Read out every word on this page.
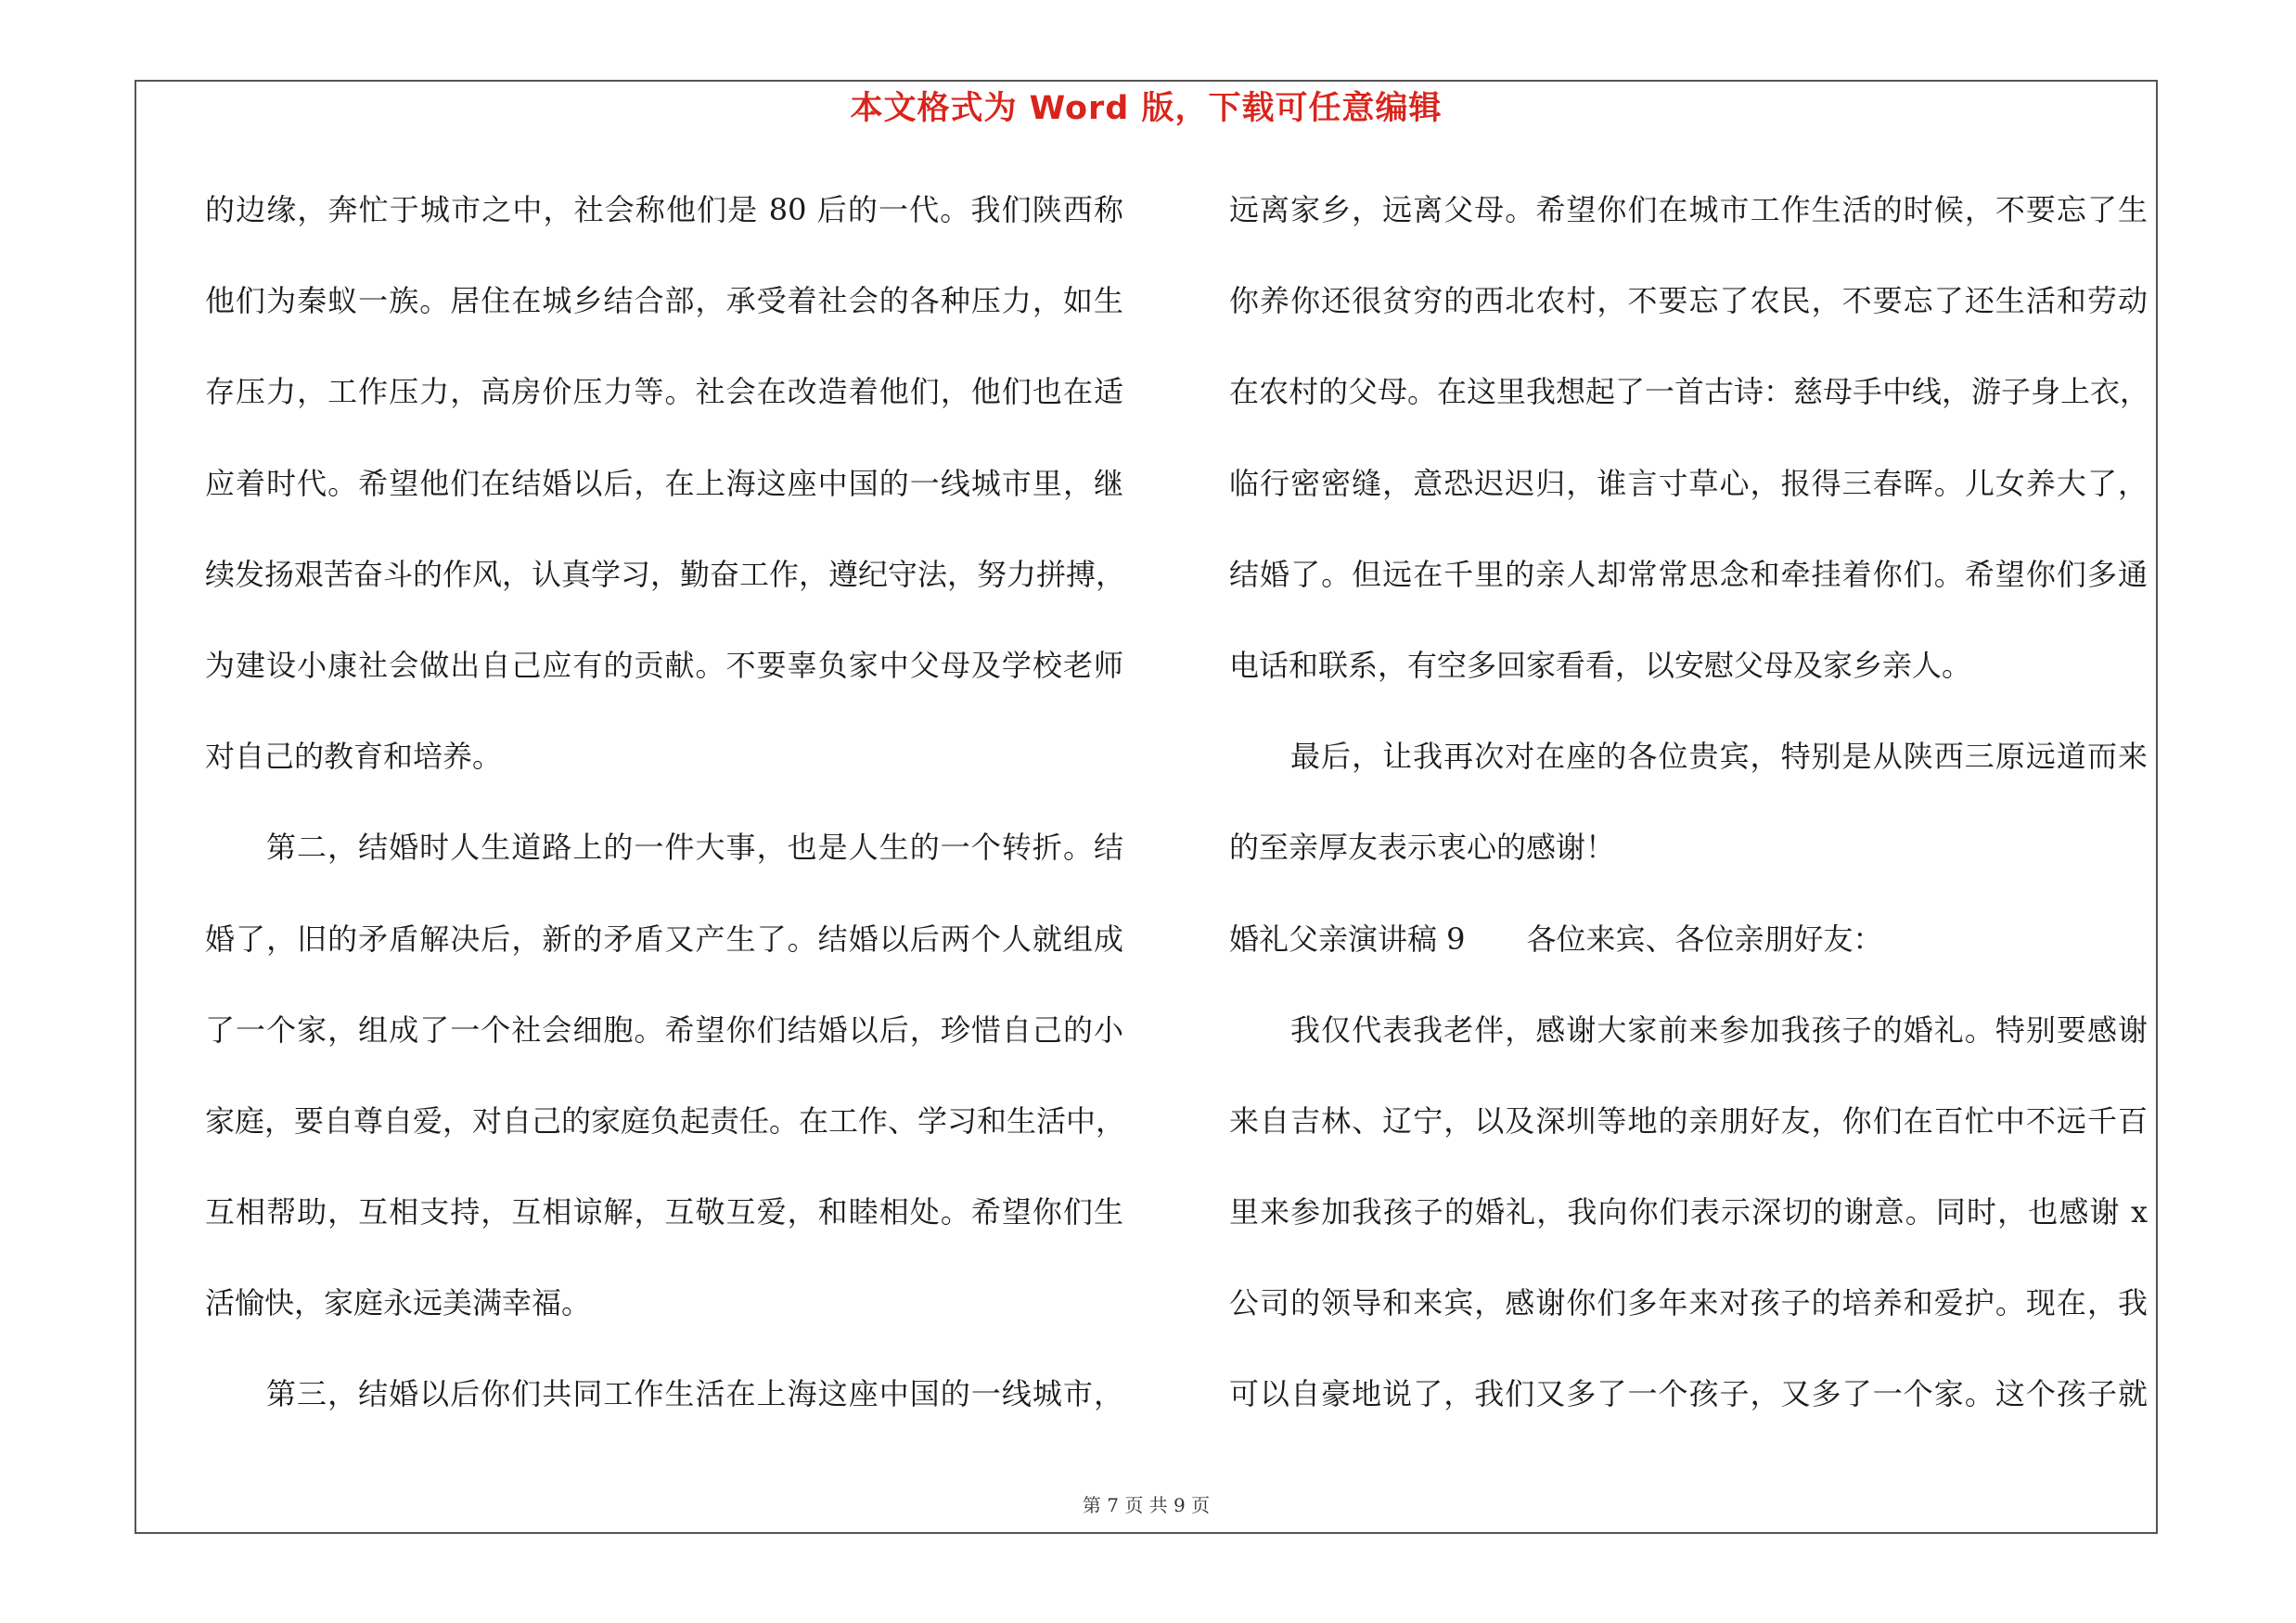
本文格式为 Word 版，下载可任意编辑
的边缘，奔忙于城市之中，社会称他们是 80 后的一代。我们陕西称
他们为秦蚁一族。居住在城乡结合部，承受着社会的各种压力，如生
存压力，工作压力，高房价压力等。社会在改造着他们，他们也在适
应着时代。希望他们在结婚以后，在上海这座中国的一线城市里，继
续发扬艰苦奋斗的作风，认真学习，勤奋工作，遵纪守法，努力拼搏，
为建设小康社会做出自己应有的贡献。不要辜负家中父母及学校老师
对自己的教育和培养。
第二，结婚时人生道路上的一件大事，也是人生的一个转折。结
婚了，旧的矛盾解决后，新的矛盾又产生了。结婚以后两个人就组成
了一个家，组成了一个社会细胞。希望你们结婚以后，珍惜自己的小
家庭，要自尊自爱，对自己的家庭负起责任。在工作、学习和生活中，
互相帮助，互相支持，互相谅解，互敬互爱，和睦相处。希望你们生
活愉快，家庭永远美满幸福。
第三，结婚以后你们共同工作生活在上海这座中国的一线城市，
远离家乡，远离父母。希望你们在城市工作生活的时候，不要忘了生
你养你还很贫穷的西北农村，不要忘了农民，不要忘了还生活和劳动
在农村的父母。在这里我想起了一首古诗：慈母手中线，游子身上衣，
临行密密缝，意恐迟迟归，谁言寸草心，报得三春晖。儿女养大了，
结婚了。但远在千里的亲人却常常思念和牵挂着你们。希望你们多通
电话和联系，有空多回家看看，以安慰父母及家乡亲人。
最后，让我再次对在座的各位贵宾，特别是从陕西三原远道而来
的至亲厚友表示衷心的感谢！
婚礼父亲演讲稿 9 各位来宾、各位亲朋好友：
我仅代表我老伴，感谢大家前来参加我孩子的婚礼。特别要感谢
来自吉林、辽宁，以及深圳等地的亲朋好友，你们在百忙中不远千百
里来参加我孩子的婚礼，我向你们表示深切的谢意。同时，也感谢 x
公司的领导和来宾，感谢你们多年来对孩子的培养和爱护。现在，我
可以自豪地说了，我们又多了一个孩子，又多了一个家。这个孩子就
第 7 页 共 9 页
